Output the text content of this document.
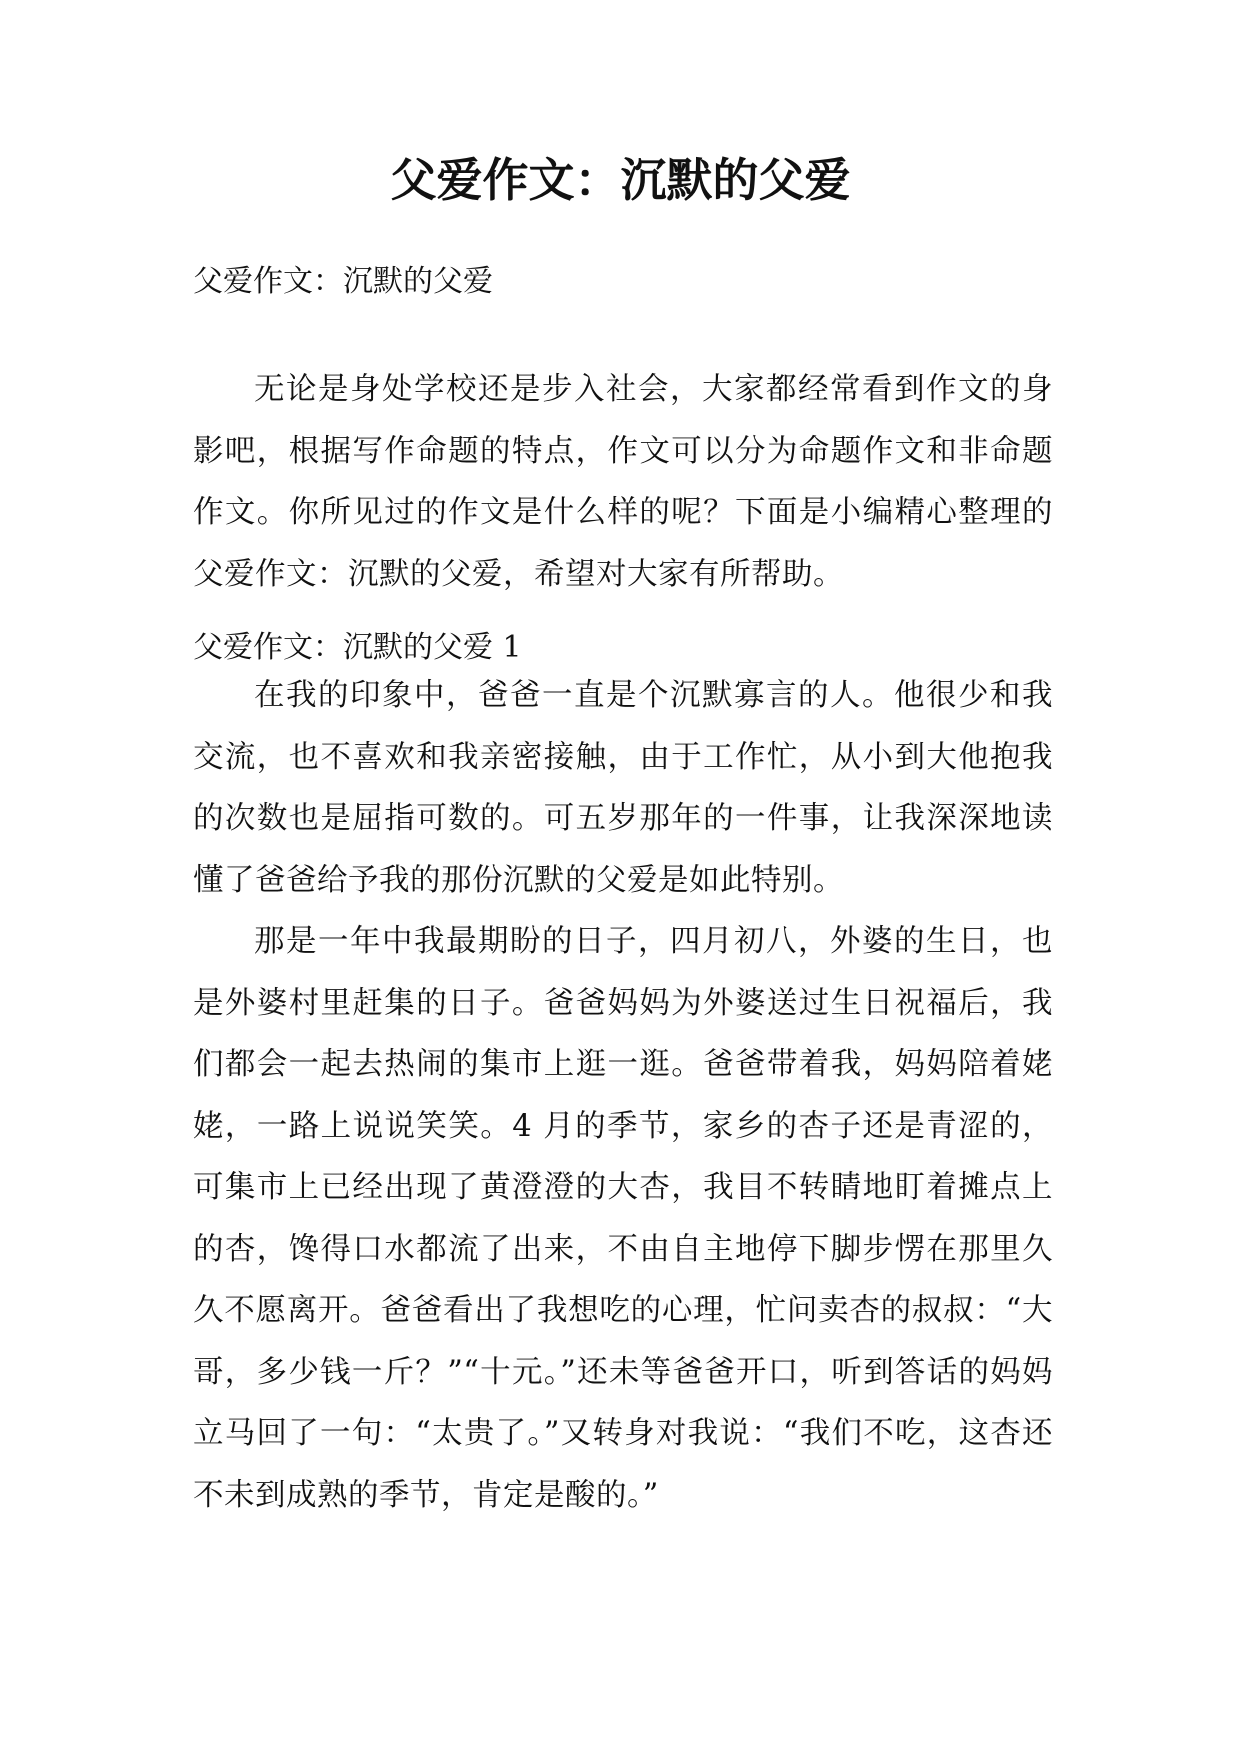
父爱作文：沉默的父爱

父爱作文：沉默的父爱

无论是身处学校还是步入社会，大家都经常看到作文的身影吧，根据写作命题的特点，作文可以分为命题作文和非命题作文。你所见过的作文是什么样的呢？下面是小编精心整理的父爱作文：沉默的父爱，希望对大家有所帮助。

父爱作文：沉默的父爱 1

在我的印象中，爸爸一直是个沉默寡言的人。他很少和我交流，也不喜欢和我亲密接触，由于工作忙，从小到大他抱我的次数也是屈指可数的。可五岁那年的一件事，让我深深地读懂了爸爸给予我的那份沉默的父爱是如此特别。

那是一年中我最期盼的日子，四月初八，外婆的生日，也是外婆村里赶集的日子。爸爸妈妈为外婆送过生日祝福后，我们都会一起去热闹的集市上逛一逛。爸爸带着我，妈妈陪着姥姥，一路上说说笑笑。4 月的季节，家乡的杏子还是青涩的，可集市上已经出现了黄澄澄的大杏，我目不转睛地盯着摊点上的杏，馋得口水都流了出来，不由自主地停下脚步愣在那里久久不愿离开。爸爸看出了我想吃的心理，忙问卖杏的叔叔：“大哥，多少钱一斤？”“十元。”还未等爸爸开口，听到答话的妈妈立马回了一句：“太贵了。”又转身对我说：“我们不吃，这杏还不未到成熟的季节，肯定是酸的。”
